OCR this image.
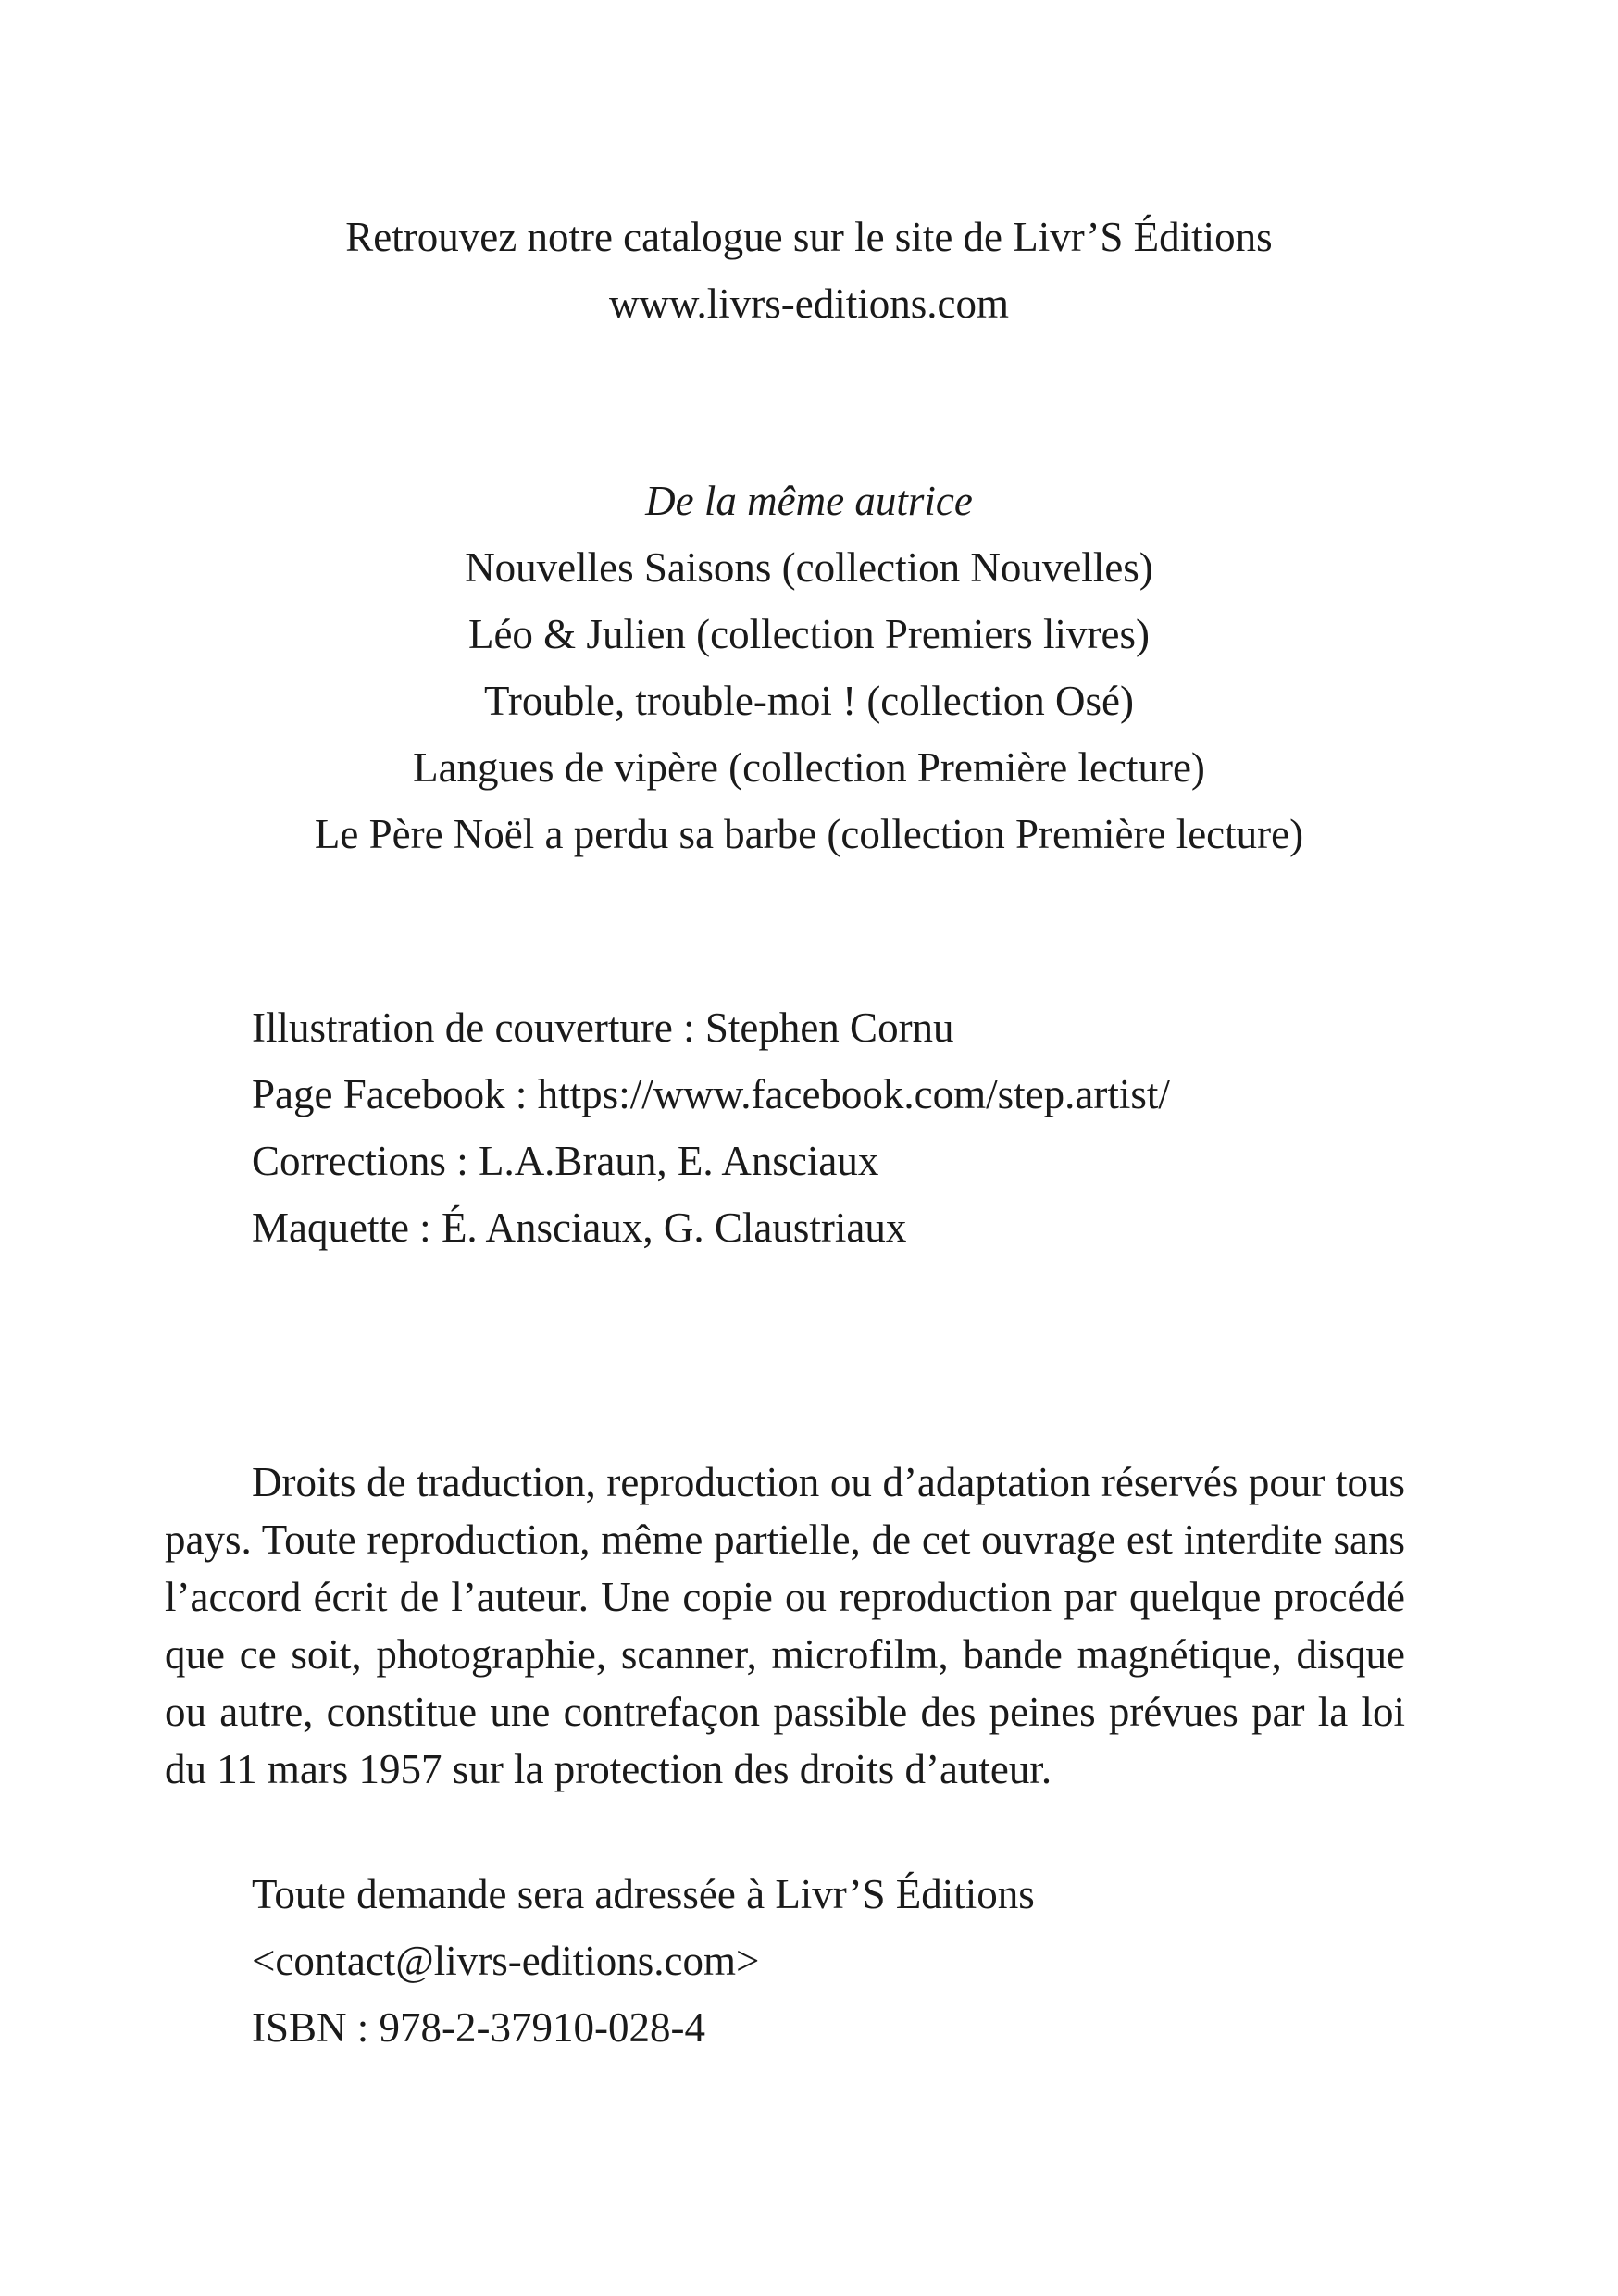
Retrouvez notre catalogue sur le site de Livr’S Éditions
www.livrs-editions.com
De la même autrice
Nouvelles Saisons (collection Nouvelles)
Léo & Julien (collection Premiers livres)
Trouble, trouble-moi ! (collection Osé)
Langues de vipère (collection Première lecture)
Le Père Noël a perdu sa barbe (collection Première lecture)
Illustration de couverture : Stephen Cornu
Page Facebook : https://www.facebook.com/step.artist/
Corrections : L.A.Braun, E. Ansciaux
Maquette : É. Ansciaux, G. Claustriaux

Droits de traduction, reproduction ou d’adaptation réservés pour tous pays. Toute reproduction, même partielle, de cet ouvrage est interdite sans l’accord écrit de l’auteur. Une copie ou reproduction par quelque procédé que ce soit, photographie, scanner, microfilm, bande magnétique, disque ou autre, constitue une contrefaçon passible des peines prévues par la loi du 11 mars 1957 sur la protection des droits d’auteur.

Toute demande sera adressée à Livr’S Éditions
<contact@livrs-editions.com>
ISBN : 978-2-37910-028-4
